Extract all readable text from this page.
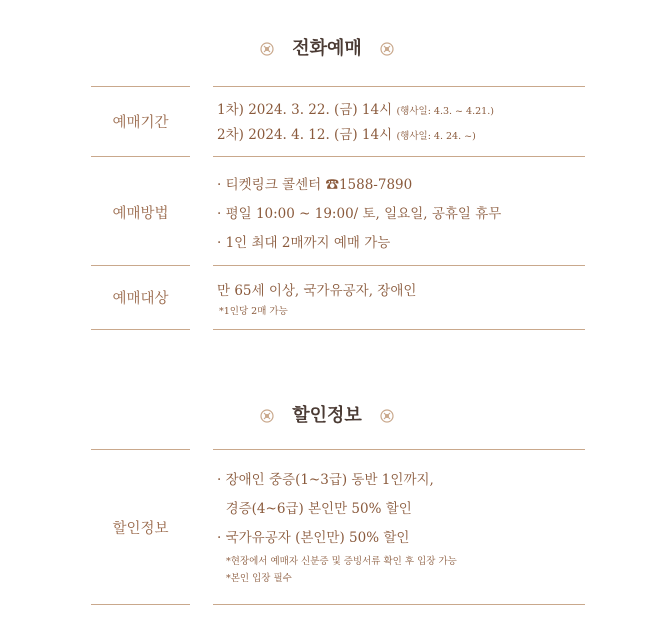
전화예매
예매기간
1차) 2024. 3. 22. (금) 14시 (행사일: 4.3. ~ 4.21.)
2차) 2024. 4. 12. (금) 14시 (행사일: 4. 24. ~)
예매방법
· 티켓링크 콜센터 ☎1588-7890
· 평일 10:00 ~ 19:00/ 토, 일요일, 공휴일 휴무
· 1인 최대 2매까지 예매 가능
예매대상	만 65세 이상, 국가유공자, 장애인
*1인당 2매 가능
할인정보
할인정보
· 장애인 중증(1~3급) 동반 1인까지,
경증(4~6급) 본인만 50% 할인
· 국가유공자 (본인만) 50% 할인
*현장에서 예매자 신분증 및 증빙서류 확인 후 입장 가능
*본인 입장 필수
